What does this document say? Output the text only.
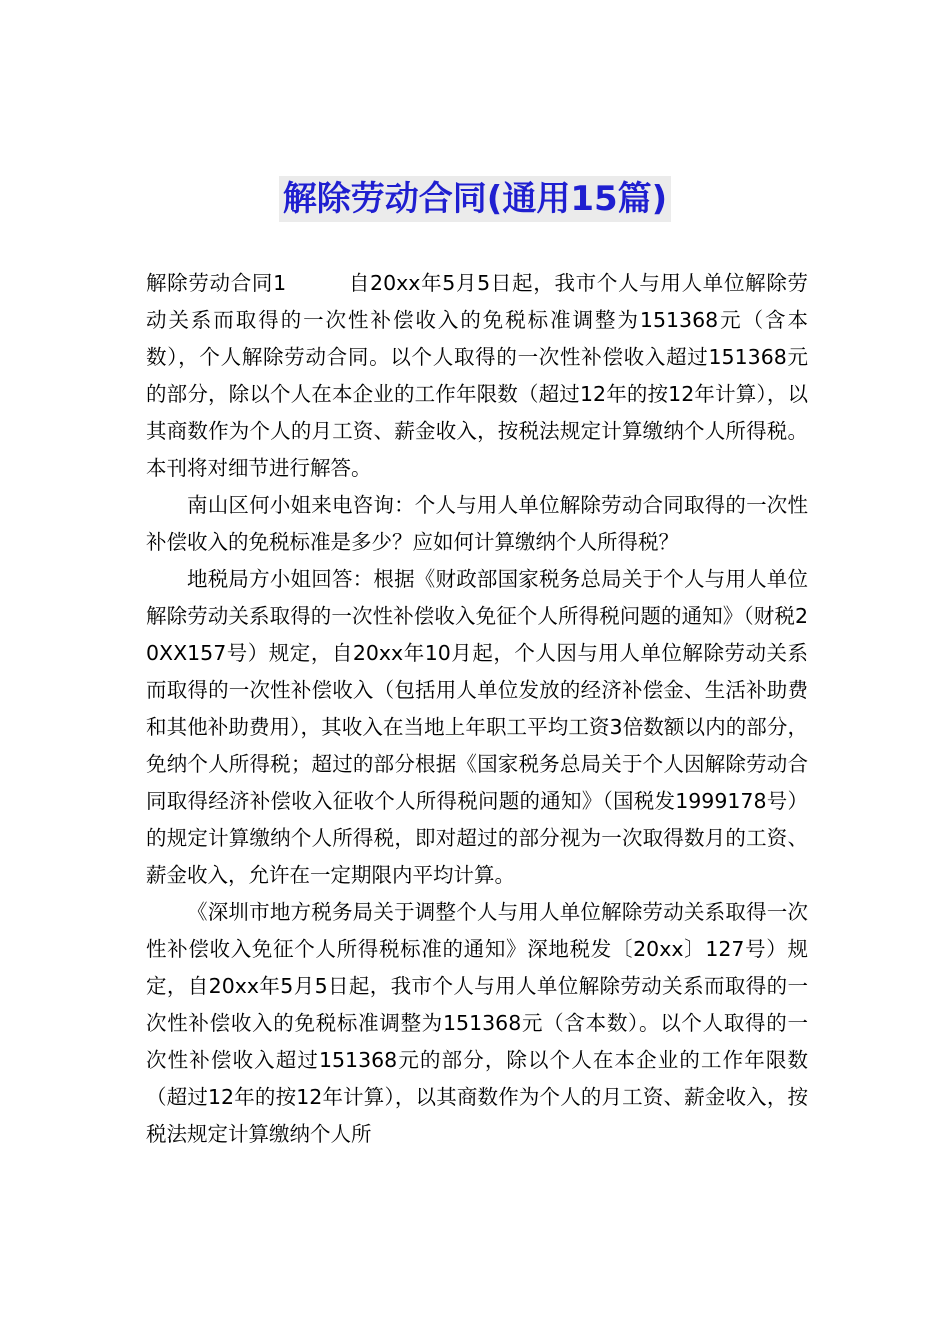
解除劳动合同(通用15篇)

解除劳动合同1	自20xx年5月5日起，我市个人与用人单位解除劳动关系而取得的一次性补偿收入的免税标准调整为151368元（含本数），个人解除劳动合同。以个人取得的一次性补偿收入超过151368元的部分，除以个人在本企业的工作年限数（超过12年的按12年计算），以其商数作为个人的月工资、薪金收入，按税法规定计算缴纳个人所得税。本刊将对细节进行解答。

南山区何小姐来电咨询：个人与用人单位解除劳动合同取得的一次性补偿收入的免税标准是多少？应如何计算缴纳个人所得税？

地税局方小姐回答：根据《财政部国家税务总局关于个人与用人单位解除劳动关系取得的一次性补偿收入免征个人所得税问题的通知》（财税20XX157号）规定，自20xx年10月起，个人因与用人单位解除劳动关系而取得的一次性补偿收入（包括用人单位发放的经济补偿金、生活补助费和其他补助费用），其收入在当地上年职工平均工资3倍数额以内的部分，免纳个人所得税；超过的部分根据《国家税务总局关于个人因解除劳动合同取得经济补偿收入征收个人所得税问题的通知》（国税发1999178号）的规定计算缴纳个人所得税，即对超过的部分视为一次取得数月的工资、薪金收入，允许在一定期限内平均计算。

《深圳市地方税务局关于调整个人与用人单位解除劳动关系取得一次性补偿收入免征个人所得税标准的通知》深地税发〔20xx〕127号）规定，自20xx年5月5日起，我市个人与用人单位解除劳动关系而取得的一次性补偿收入的免税标准调整为151368元（含本数）。以个人取得的一次性补偿收入超过151368元的部分，除以个人在本企业的工作年限数（超过12年的按12年计算），以其商数作为个人的月工资、薪金收入，按税法规定计算缴纳个人所
